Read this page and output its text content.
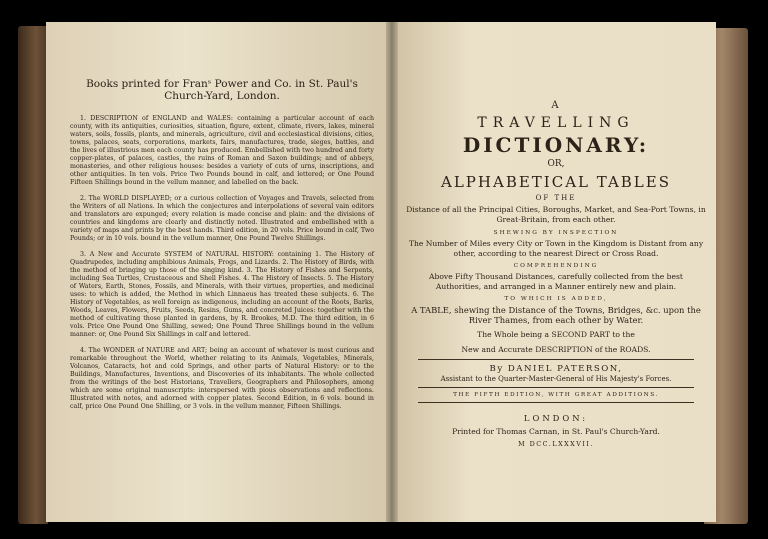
Books printed for Franˢ Power and Co. in St. Paul's Church-Yard, London.

1. DESCRIPTION of ENGLAND and WALES: containing a particular account of each county, with its antiquities, curiosities, situation, figure, extent, climate, rivers, lakes, mineral waters, soils, fossils, plants, and minerals, agriculture, civil and ecclesiastical divisions, cities, towns, palaces, seats, corporations, markets, fairs, manufactures, trade, sieges, battles, and the lives of illustrious men each county has produced. Embellished with two hundred and forty copper-plates, of palaces, castles, the ruins of Roman and Saxon buildings; and of abbeys, monasteries, and other religious houses: besides a variety of cuts of urns, inscriptions, and other antiquities. In ten vols. Price Two Pounds bound in calf, and lettered; or One Pound Fifteen Shillings bound in the vellum manner, and labelled on the back.

2. The WORLD DISPLAYED; or a curious collection of Voyages and Travels, selected from the Writers of all Nations. In which the conjectures and interpolations of several vain editors and translators are expunged; every relation is made concise and plain: and the divisions of countries and kingdoms are clearly and distinctly noted. Illustrated and embellished with a variety of maps and prints by the best hands. Third edition, in 20 vols. Price bound in calf, Two Pounds; or in 10 vols. bound in the vellum manner, One Pound Twelve Shillings.

3. A New and Accurate SYSTEM of NATURAL HISTORY: containing 1. The History of Quadrupedes, including amphibious Animals, Frogs, and Lizards. 2. The History of Birds, with the method of bringing up those of the singing kind. 3. The History of Fishes and Serpents, including Sea Turtles, Crustaceous and Shell Fishes. 4. The History of Insects. 5. The History of Waters, Earth, Stones, Fossils, and Minerals, with their virtues, properties, and medicinal uses: to which is added, the Method in which Linnaeus has treated these subjects. 6. The History of Vegetables, as well foreign as indigenous, including an account of the Roots, Barks, Woods, Leaves, Flowers, Fruits, Seeds, Resins, Gums, and concreted Juices: together with the method of cultivating those planted in gardens, by R. Brookes, M.D. The third edition, in 6 vols. Price One Pound One Shilling, sewed; One Pound Three Shillings bound in the vellum manner: or, One Pound Six Shillings in calf and lettered.

4. The WONDER of NATURE and ART; being an account of whatever is most curious and remarkable throughout the World, whether relating to its Animals, Vegetables, Minerals, Volcanos, Cataracts, hot and cold Springs, and other parts of Natural History: or to the Buildings, Manufactures, Inventions, and Discoveries of its inhabitants. The whole collected from the writings of the best Historians, Travellers, Geographers and Philosophers, among which are some original manuscripts: interspersed with pious observations and reflections. Illustrated with notes, and adorned with copper plates. Second Edition, in 6 vols. bound in calf, price One Pound One Shilling, or 3 vols. in the vellum manner, Fifteen Shillings.

A

TRAVELLING

DICTIONARY:

OR,

ALPHABETICAL TABLES

OF THE

Distance of all the Principal Cities, Boroughs, Market, and Sea-Port Towns, in Great-Britain, from each other.

SHEWING BY INSPECTION

The Number of Miles every City or Town in the Kingdom is Distant from any other, according to the nearest Direct or Cross Road.

COMPREHENDING

Above Fifty Thousand Distances, carefully collected from the best Authorities, and arranged in a Manner entirely new and plain.

TO WHICH IS ADDED,

A TABLE, shewing the Distance of the Towns, Bridges, &c. upon the River Thames, from each other by Water.

The Whole being a SECOND PART to the

New and Accurate DESCRIPTION of the ROADS.

By DANIEL PATERSON,

Assistant to the Quarter-Master-General of His Majesty's Forces.

THE FIFTH EDITION, WITH GREAT ADDITIONS.

LONDON:

Printed for Thomas Carnan, in St. Paul's Church-Yard.

M DCC.LXXXVII.
